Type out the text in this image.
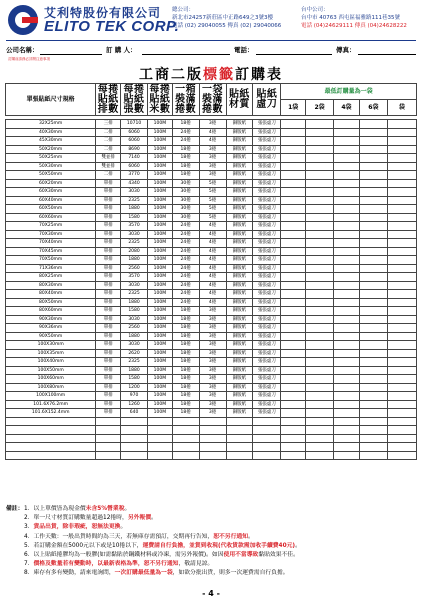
艾利特股份有限公司
ELITO TEK CORP.
總公司：
新北市24257新莊區中正路649之3號3樓
電話 (02) 29040055 傳真 (02) 29040066
台中公司：
台中市 40763 西屯區福雅路111巷35號
電話 (04)24629111 傳真 (04)24628222
公司名稱：	訂 購 人：	電話：	傳真：
訂購前請務必詳閱注意事項
工商二版標籤訂購表
單張貼紙尺寸規格	每捲貼紙排數	每捲貼紙張數	每捲貼紙米數	一箱裝滿捲數	一袋裝滿捲數	貼紙材質	貼紙虛刀	最低訂購量為一袋				
								1袋	2袋	4袋	6袋	袋

32X25mm	三排	10710	100M	18捲	3捲	銅版紙	張張虛刀					
40X30mm	二排	6060	100M	24捲	4捲	銅版紙	張張虛刀					
45X30mm	二排	6060	100M	24捲	4捲	銅版紙	張張虛刀					
50X20mm	二排	8690	100M	18捲	3捲	銅版紙	張張虛刀					
50X25mm	雙並排	7140	100M	18捲	3捲	銅版紙	張張虛刀					
50X30mm	雙並排	6060	100M	18捲	3捲	銅版紙	張張虛刀					
50X50mm	二排	3770	100M	18捲	3捲	銅版紙	張張虛刀					
60X20mm	單排	4340	100M	30捲	5捲	銅版紙	張張虛刀					
60X30mm	單排	3030	100M	30捲	5捲	銅版紙	張張虛刀					
60X40mm	單排	2325	100M	30捲	5捲	銅版紙	張張虛刀					
60X50mm	單排	1880	100M	30捲	5捲	銅版紙	張張虛刀					
60X60mm	單排	1580	100M	30捲	5捲	銅版紙	張張虛刀					
70X25mm	單排	3570	100M	24捲	4捲	銅版紙	張張虛刀					
70X30mm	單排	3030	100M	24捲	4捲	銅版紙	張張虛刀					
70X40mm	單排	2325	100M	24捲	4捲	銅版紙	張張虛刀					
70X45mm	單排	2080	100M	24捲	4捲	銅版紙	張張虛刀					
70X50mm	單排	1880	100M	24捲	4捲	銅版紙	張張虛刀					
71X36mm	單排	2560	100M	24捲	4捲	銅版紙	張張虛刀					
80X25mm	單排	3570	100M	24捲	4捲	銅版紙	張張虛刀					
80X30mm	單排	3030	100M	24捲	4捲	銅版紙	張張虛刀					
80X40mm	單排	2325	100M	24捲	4捲	銅版紙	張張虛刀					
80X50mm	單排	1880	100M	24捲	4捲	銅版紙	張張虛刀					
80X60mm	單排	1580	100M	18捲	3捲	銅版紙	張張虛刀					
90X30mm	單排	3030	100M	18捲	3捲	銅版紙	張張虛刀					
90X36mm	單排	2560	100M	18捲	3捲	銅版紙	張張虛刀					
90X50mm	單排	1880	100M	18捲	3捲	銅版紙	張張虛刀					
100X30mm	單排	3030	100M	18捲	3捲	銅版紙	張張虛刀					
100X35mm	單排	2620	100M	18捲	3捲	銅版紙	張張虛刀					
100X40mm	單排	2325	100M	18捲	3捲	銅版紙	張張虛刀					
100X50mm	單排	1880	100M	18捲	3捲	銅版紙	張張虛刀					
100X60mm	單排	1580	100M	18捲	3捲	銅版紙	張張虛刀					
100X80mm	單排	1200	100M	18捲	3捲	銅版紙	張張虛刀					
100X100mm	單排	970	100M	18捲	3捲	銅版紙	張張虛刀					
101.6X76.2mm	單排	1260	100M	18捲	3捲	銅版紙	張張虛刀					
101.6X152.4mm	單排	640	100M	18捲	3捲	銅版紙	張張虛刀					

備註： 1．以上單價皆為現金價未含5%營業稅。
2．單一尺寸材質訂購數量超過12捲時，另外報價。
3．貨品出貨，除非瑕疵，恕無法更換。
4．工作天數：一般出貨時間約為三天，若無庫存需預訂，交期再行告知，恕不另行通知。
5．若訂購金額在5000元以下或是10捲以下，運費請自行負擔，並貨到收現(代收貨款需加收手續費40元)。
6．以上貼紙捲膠均為一般膠(如需黏貼於鋼鐵材料或冷凍，需另外報價)。如因使用不當導致黏貼效果不佳。
7．價格及數量若有變動時，以最新表格為準，恕不另行通知，敬請見諒。
8．庫存有多有變動，請來電詢問，一次訂購最低量為一袋，如欲分批出貨，則多一次運費需自行負擔。
- 4 -
